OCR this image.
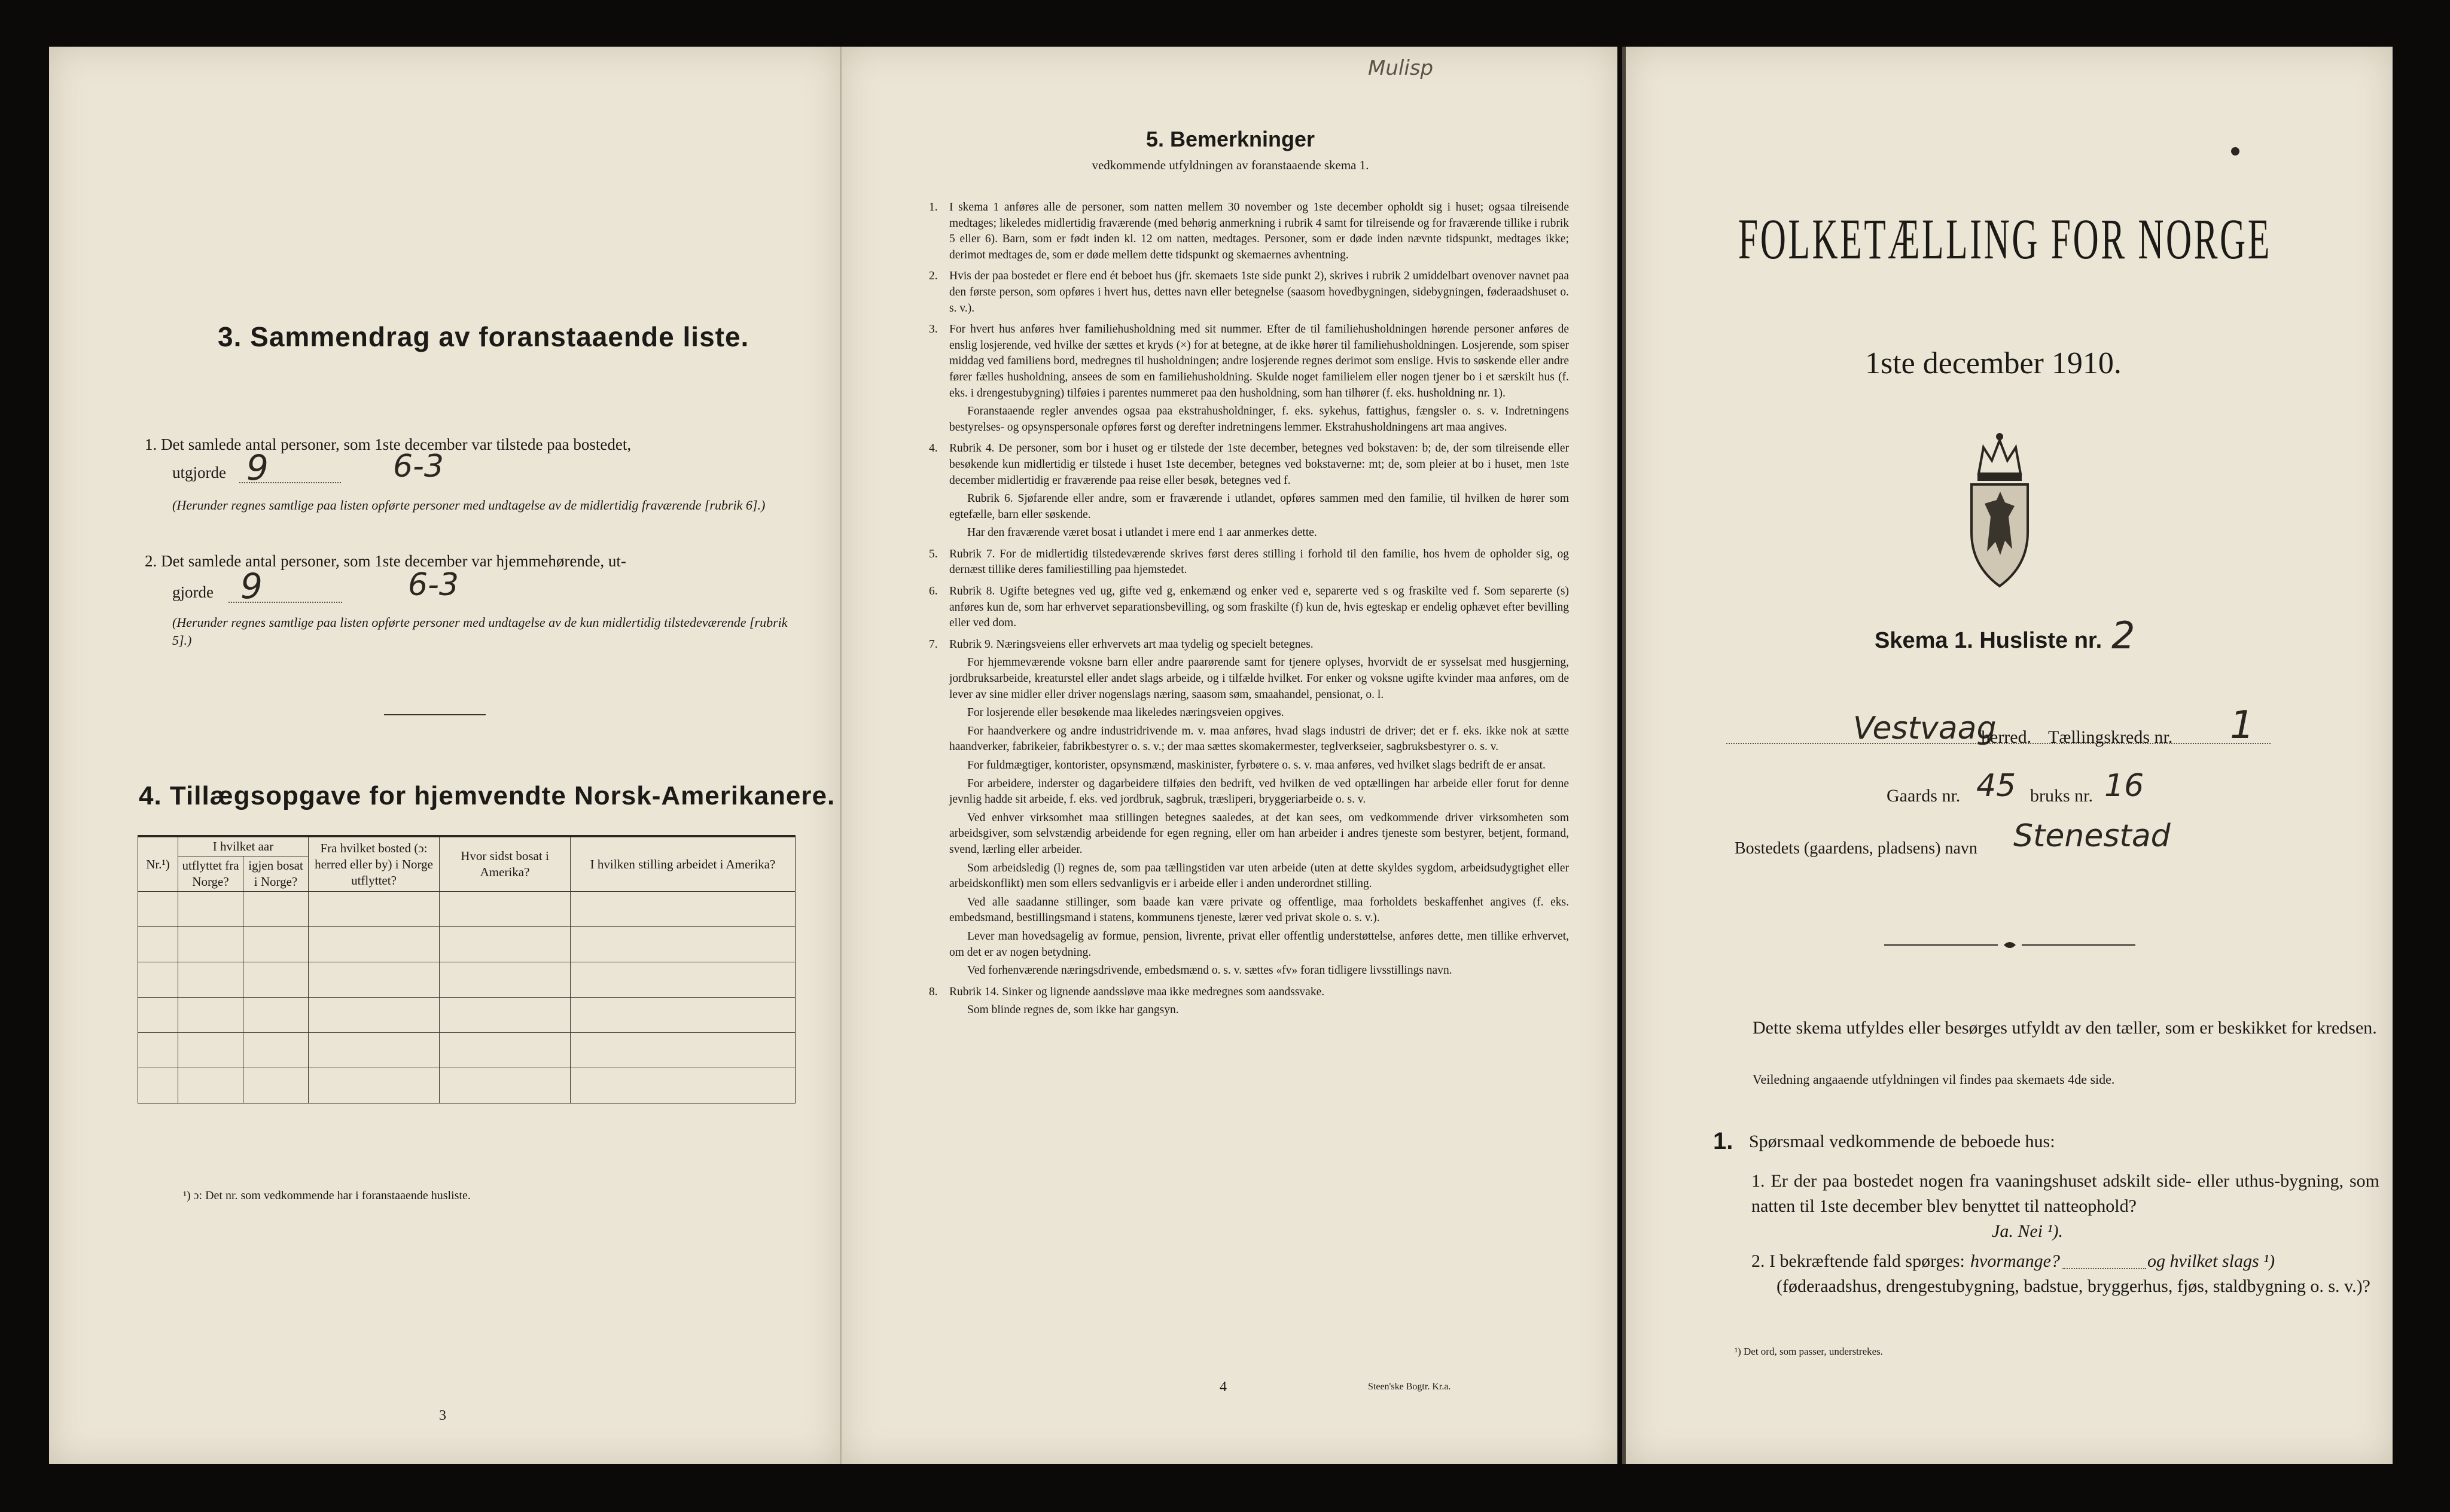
3. Sammendrag av foranstaaende liste.
1. Det samlede antal personer, som 1ste december var tilstede paa bostedet,
utgjorde 9	6-3
(Herunder regnes samtlige paa listen opførte personer med undtagelse av de midlertidig fraværende [rubrik 6].)
2. Det samlede antal personer, som 1ste december var hjemmehørende, ut-
gjorde 9	6-3
(Herunder regnes samtlige paa listen opførte personer med undtagelse av de kun midlertidig tilstedeværende [rubrik 5].)
4. Tillægsopgave for hjemvendte Norsk-Amerikanere.
Nr.¹)	I hvilket aar		Fra hvilket bosted (ɔ: herred eller by) i Norge utflyttet?	Hvor sidst bosat i Amerika?	I hvilken stilling arbeidet i Amerika?
	utflyttet fra Norge?	igjen bosat i Norge?			

¹) ɔ: Det nr. som vedkommende har i foranstaaende husliste.
3
Mulisp
5. Bemerkninger
vedkommende utfyldningen av foranstaaende skema 1.
1. I skema 1 anføres alle de personer, som natten mellem 30 november og 1ste december opholdt sig i huset; ogsaa tilreisende medtages; likeledes midlertidig fraværende (med behørig anmerkning i rubrik 4 samt for tilreisende og for fraværende tillike i rubrik 5 eller 6). Barn, som er født inden kl. 12 om natten, medtages. Personer, som er døde inden nævnte tidspunkt, medtages ikke; derimot medtages de, som er døde mellem dette tidspunkt og skemaernes avhentning.

2. Hvis der paa bostedet er flere end ét beboet hus (jfr. skemaets 1ste side punkt 2), skrives i rubrik 2 umiddelbart ovenover navnet paa den første person, som opføres i hvert hus, dettes navn eller betegnelse (saasom hovedbygningen, sidebygningen, føderaadshuset o. s. v.).

3. For hvert hus anføres hver familiehusholdning med sit nummer. Efter de til familiehusholdningen hørende personer anføres de enslig losjerende, ved hvilke der sættes et kryds (×) for at betegne, at de ikke hører til familiehusholdningen. Losjerende, som spiser middag ved familiens bord, medregnes til husholdningen; andre losjerende regnes derimot som enslige. Hvis to søskende eller andre fører fælles husholdning, ansees de som en familiehusholdning. Skulde noget familielem eller nogen tjener bo i et særskilt hus (f. eks. i drengestubygning) tilføies i parentes nummeret paa den husholdning, som han tilhører (f. eks. husholdning nr. 1).

Foranstaaende regler anvendes ogsaa paa ekstrahusholdninger, f. eks. sykehus, fattighus, fængsler o. s. v. Indretningens bestyrelses- og opsynspersonale opføres først og derefter indretningens lemmer. Ekstrahusholdningens art maa angives.

4. Rubrik 4. De personer, som bor i huset og er tilstede der 1ste december, betegnes ved bokstaven: b; de, der som tilreisende eller besøkende kun midlertidig er tilstede i huset 1ste december, betegnes ved bokstaverne: mt; de, som pleier at bo i huset, men 1ste december midlertidig er fraværende paa reise eller besøk, betegnes ved f.

Rubrik 6. Sjøfarende eller andre, som er fraværende i utlandet, opføres sammen med den familie, til hvilken de hører som egtefælle, barn eller søskende.

Har den fraværende været bosat i utlandet i mere end 1 aar anmerkes dette.

5. Rubrik 7. For de midlertidig tilstedeværende skrives først deres stilling i forhold til den familie, hos hvem de opholder sig, og dernæst tillike deres familiestilling paa hjemstedet.

6. Rubrik 8. Ugifte betegnes ved ug, gifte ved g, enkemænd og enker ved e, separerte ved s og fraskilte ved f. Som separerte (s) anføres kun de, som har erhvervet separationsbevilling, og som fraskilte (f) kun de, hvis egteskap er endelig ophævet efter bevilling eller ved dom.

7. Rubrik 9. Næringsveiens eller erhvervets art maa tydelig og specielt betegnes.

For hjemmeværende voksne barn eller andre paarørende samt for tjenere oplyses, hvorvidt de er sysselsat med husgjerning, jordbruksarbeide, kreaturstel eller andet slags arbeide, og i tilfælde hvilket. For enker og voksne ugifte kvinder maa anføres, om de lever av sine midler eller driver nogenslags næring, saasom søm, smaahandel, pensionat, o. l.

For losjerende eller besøkende maa likeledes næringsveien opgives.

For haandverkere og andre industridrivende m. v. maa anføres, hvad slags industri de driver; det er f. eks. ikke nok at sætte haandverker, fabrikeier, fabrikbestyrer o. s. v.; der maa sættes skomakermester, teglverkseier, sagbruksbestyrer o. s. v.

For fuldmægtiger, kontorister, opsynsmænd, maskinister, fyrbøtere o. s. v. maa anføres, ved hvilket slags bedrift de er ansat.

For arbeidere, inderster og dagarbeidere tilføies den bedrift, ved hvilken de ved optællingen har arbeide eller forut for denne jevnlig hadde sit arbeide, f. eks. ved jordbruk, sagbruk, træsliperi, bryggeriarbeide o. s. v.

Ved enhver virksomhet maa stillingen betegnes saaledes, at det kan sees, om vedkommende driver virksomheten som arbeidsgiver, som selvstændig arbeidende for egen regning, eller om han arbeider i andres tjeneste som bestyrer, betjent, formand, svend, lærling eller arbeider.

Som arbeidsledig (l) regnes de, som paa tællingstiden var uten arbeide (uten at dette skyldes sygdom, arbeidsudygtighet eller arbeidskonflikt) men som ellers sedvanligvis er i arbeide eller i anden underordnet stilling.

Ved alle saadanne stillinger, som baade kan være private og offentlige, maa forholdets beskaffenhet angives (f. eks. embedsmand, bestillingsmand i statens, kommunens tjeneste, lærer ved privat skole o. s. v.).

Lever man hovedsagelig av formue, pension, livrente, privat eller offentlig understøttelse, anføres dette, men tillike erhvervet, om det er av nogen betydning.

Ved forhenværende næringsdrivende, embedsmænd o. s. v. sættes «fv» foran tidligere livsstillings navn.

8. Rubrik 14. Sinker og lignende aandssløve maa ikke medregnes som aandssvake.

Som blinde regnes de, som ikke har gangsyn.

4	Steen'ske Bogtr. Kr.a.
FOLKETÆLLING FOR NORGE
1ste december 1910.
Skema 1. Husliste nr. 2
Vestvaag
herred. Tællingskreds nr. 1
Gaards nr. 45 bruks nr. 16
Bostedets (gaardens, pladsens) navn Stenestad
Dette skema utfyldes eller besørges utfyldt av den tæller, som er beskikket for kredsen.
Veiledning angaaende utfyldningen vil findes paa skemaets 4de side.
1. Spørsmaal vedkommende de beboede hus:
1. Er der paa bostedet nogen fra vaaningshuset adskilt side- eller uthus-bygning, som natten til 1ste december blev benyttet til natteophold?
Ja. Nei ¹).
2. I bekræftende fald spørges: hvormange?	og hvilket slags ¹)
(føderaadshus, drengestubygning, badstue, bryggerhus, fjøs, staldbygning o. s. v.)?
¹) Det ord, som passer, understrekes.
